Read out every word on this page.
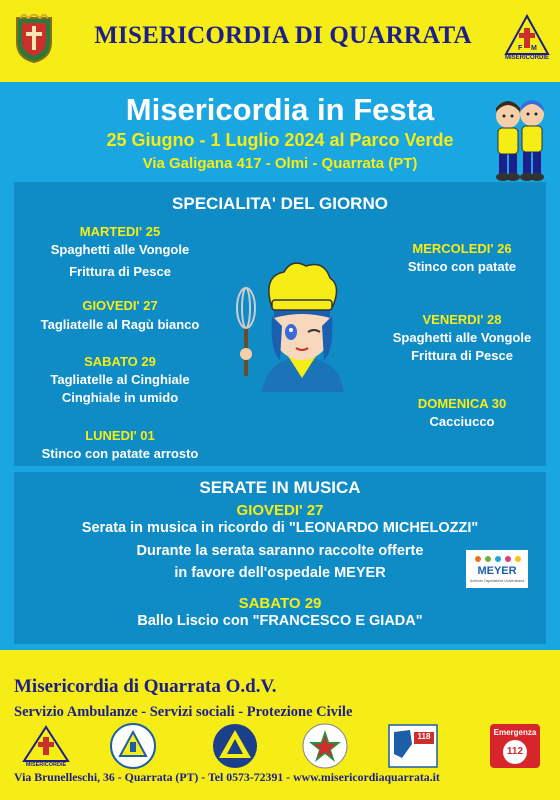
MISERICORDIA DI QUARRATA	F M
MISERICORDIE
Misericordia in Festa
25 Giugno - 1 Luglio 2024 al Parco Verde
Via Galigana 417 - Olmi - Quarrata (PT)
SPECIALITA' DEL GIORNO
MARTEDI' 25
Spaghetti alle Vongole
Frittura di Pesce
GIOVEDI' 27
Tagliatelle al Ragù bianco
SABATO 29
Tagliatelle al Cinghiale
Cinghiale in umido
LUNEDI' 01
Stinco con patate arrosto
MERCOLEDI' 26
Stinco con patate
VENERDI' 28
Spaghetti alle Vongole
Frittura di Pesce
DOMENICA 30
Cacciucco
SERATE IN MUSICA
GIOVEDI' 27
Serata in musica in ricordo di "LEONARDO MICHELOZZI"
Durante la serata saranno raccolte offerte
in favore dell'ospedale MEYER
SABATO 29
Ballo Liscio con "FRANCESCO E GIADA"
MEYER
Azienda Ospedaliera Universitaria
Misericordia di Quarrata O.d.V.
Servizio Ambulanze - Servizi sociali - Protezione Civile
MISERICORDIE
118	Emergenza
112
Via Brunelleschi, 36 - Quarrata (PT) - Tel 0573-72391 - www.misericordiaquarrata.it
